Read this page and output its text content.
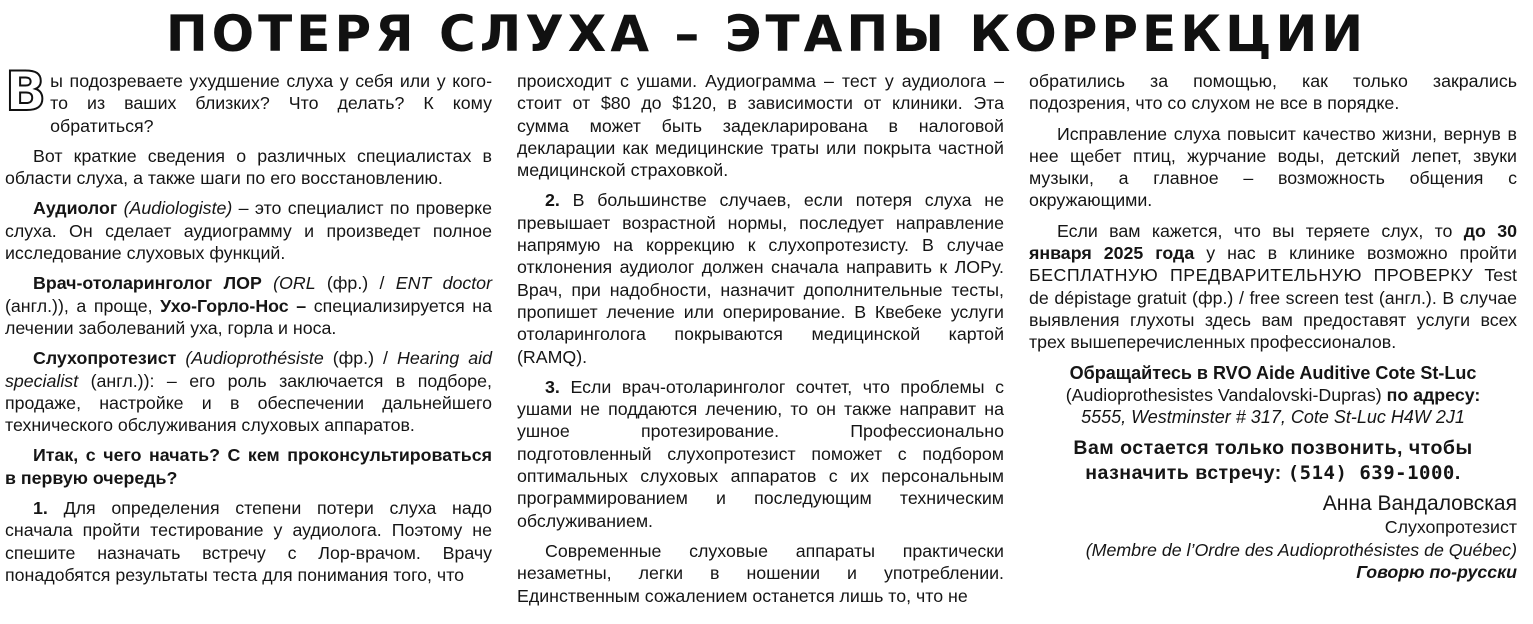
ПОТЕРЯ СЛУХА – ЭТАПЫ КОРРЕКЦИИ

Вы подозреваете ухудшение слуха у себя или у кого-то из ваших близких? Что делать? К кому обратиться?

Вот краткие сведения о различных специалистах в области слуха, а также шаги по его восстановлению.

Аудиолог (Audiologiste) – это специалист по проверке слуха. Он сделает аудиограмму и произведет полное исследование слуховых функций.

Врач-отоларинголог ЛОР (ORL (фр.) / ENT doctor (англ.)), а проще, Ухо-Горло-Нос – специализируется на лечении заболеваний уха, горла и носа.

Слухопротезист (Audioprothésiste (фр.) / Hearing aid specialist (англ.)): – его роль заключается в подборе, продаже, настройке и в обеспечении дальнейшего технического обслуживания слуховых аппаратов.

Итак, с чего начать? С кем проконсультироваться в первую очередь?

1. Для определения степени потери слуха надо сначала пройти тестирование у аудиолога. Поэтому не спешите назначать встречу с Лор-врачом. Врачу понадобятся результаты теста для понимания того, что

происходит с ушами. Аудиограмма – тест у аудиолога – стоит от $80 до $120, в зависимости от клиники. Эта сумма может быть задекларирована в налоговой декларации как медицинские траты или покрыта частной медицинской страховкой.

2. В большинстве случаев, если потеря слуха не превышает возрастной нормы, последует направление напрямую на коррекцию к слухопротезисту. В случае отклонения аудиолог должен сначала направить к ЛОРу. Врач, при надобности, назначит дополнительные тесты, пропишет лечение или оперирование. В Квебеке услуги отоларинголога покрываются медицинской картой (RAMQ).

3. Если врач-отоларинголог сочтет, что проблемы с ушами не поддаются лечению, то он также направит на ушное протезирование. Профессионально подготовленный слухопротезист поможет с подбором оптимальных слуховых аппаратов с их персональным программированием и последующим техническим обслуживанием.

Современные слуховые аппараты практически незаметны, легки в ношении и употреблении. Единственным сожалением останется лишь то, что не

обратились за помощью, как только закрались подозрения, что со слухом не все в порядке.

Исправление слуха повысит качество жизни, вернув в нее щебет птиц, журчание воды, детский лепет, звуки музыки, а главное – возможность общения с окружающими.

Если вам кажется, что вы теряете слух, то до 30 января 2025 года у нас в клинике возможно пройти БЕСПЛАТНУЮ ПРЕДВАРИТЕЛЬНУЮ ПРОВЕРКУ Test de dépistage gratuit (фр.) / free screen test (англ.). В случае выявления глухоты здесь вам предоставят услуги всех трех вышеперечисленных профессионалов.

Обращайтесь в RVO Aide Auditive Cote St-Luc
(Audioprothesistes Vandalovski-Dupras) по адресу:
5555, Westminster # 317, Cote St-Luc H4W 2J1
Вам остается только позвонить, чтобы
назначить встречу: (514) 639-1000.
Анна Вандаловская
Слухопротезист
(Membre de l’Ordre des Audioprothésistes de Québec)
Говорю по-русски
